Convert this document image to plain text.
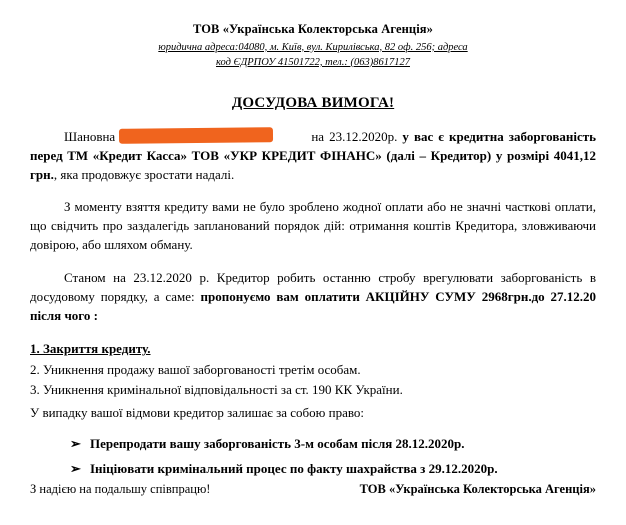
ТОВ «Українська Колекторська Агенція»
юридична адреса:04080, м. Київ, вул. Кирилівська, 82 оф. 256; адреса
код ЄДРПОУ 41501722, тел.: (063)8617127
ДОСУДОВА ВИМОГА!

Шановна	на 23.12.2020р. у вас є кредитна заборгованість перед ТМ «Кредит Касса» ТОВ «УКР КРЕДИТ ФІНАНС» (далі – Кредитор) у розмірі 4041,12 грн., яка продовжує зростати надалі.

З моменту взяття кредиту вами не було зроблено жодної оплати або не значні часткові оплати, що свідчить про заздалегідь запланований порядок дій: отримання коштів Кредитора, зловживаючи довірою, або шляхом обману.

Станом на 23.12.2020 р. Кредитор робить останню стробу врегулювати заборгованість в досудовому порядку, а саме: пропонуємо вам оплатити АКЦІЙНУ СУМУ 2968грн.до 27.12.20 після чого :

1. Закриття кредиту.
2. Уникнення продажу вашої заборгованості третім особам.
3. Уникнення кримінальної відповідальності за ст. 190 КК України.
У випадку вашої відмови кредитор залишає за собою право:
➢ Перепродати вашу заборгованість 3-м особам після 28.12.2020р.
➢ Ініціювати кримінальний процес по факту шахрайства з 29.12.2020р.
З надією на подальшу співпрацю!	ТОВ «Українська Колекторська Агенція»
